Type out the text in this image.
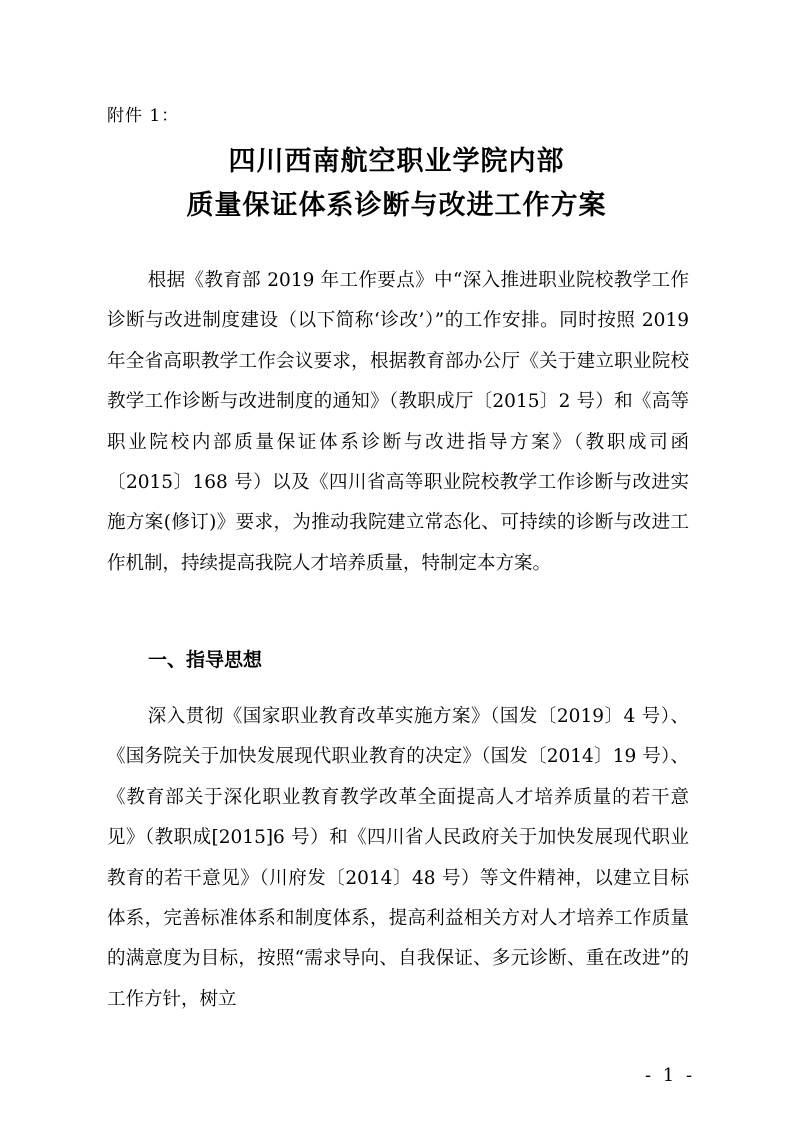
附件 1：
四川西南航空职业学院内部
质量保证体系诊断与改进工作方案

根据《教育部 2019 年工作要点》中“深入推进职业院校教学工作诊断与改进制度建设（以下简称‘诊改’）”的工作安排。同时按照 2019 年全省高职教学工作会议要求，根据教育部办公厅《关于建立职业院校教学工作诊断与改进制度的通知》（教职成厅〔2015〕2 号）和《高等职业院校内部质量保证体系诊断与改进指导方案》（教职成司函〔2015〕168 号）以及《四川省高等职业院校教学工作诊断与改进实施方案(修订)》要求，为推动我院建立常态化、可持续的诊断与改进工作机制，持续提高我院人才培养质量，特制定本方案。

一、指导思想

深入贯彻《国家职业教育改革实施方案》（国发〔2019〕4 号）、《国务院关于加快发展现代职业教育的决定》（国发〔2014〕19 号）、《教育部关于深化职业教育教学改革全面提高人才培养质量的若干意见》（教职成[2015]6 号）和《四川省人民政府关于加快发展现代职业教育的若干意见》（川府发〔2014〕48 号）等文件精神，以建立目标体系，完善标准体系和制度体系，提高利益相关方对人才培养工作质量的满意度为目标，按照“需求导向、自我保证、多元诊断、重在改进”的工作方针，树立

- 1 -
